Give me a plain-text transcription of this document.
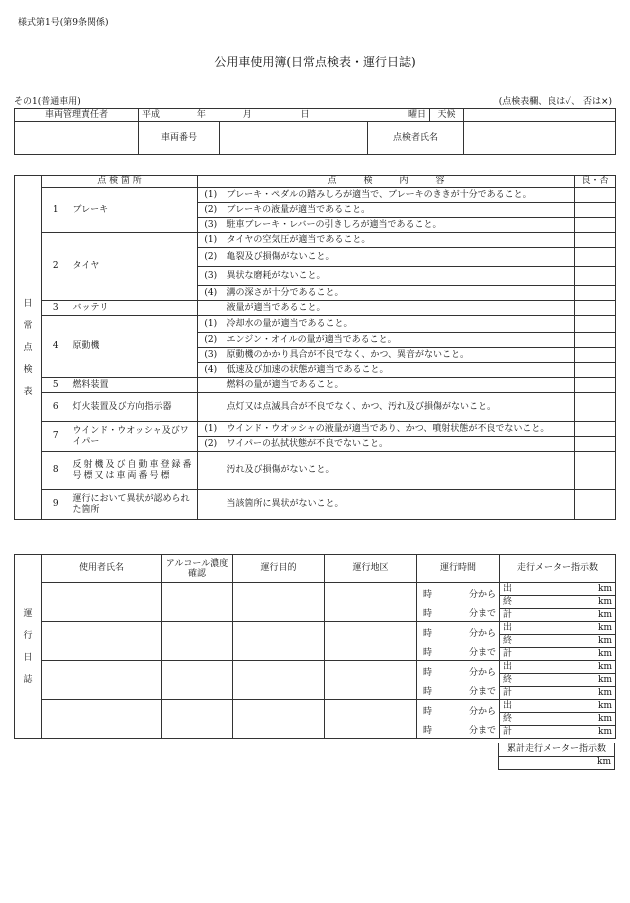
様式第1号(第9条関係)
公用車使用簿(日常点検表・運行日誌)
その1(普通車用)	(点検表欄、良は✓、 否は×)
車両管理責任者	平成 年 月 日		曜日	天候	
	車両番号		点検者氏名		
日常点検表	点 検 箇 所		点　　　検　　　内　　　容		良・否
	1	ブレーキ	(1)	ブレーキ・ペダルの踏みしろが適当で、ブレーキのききが十分であること。	
			(2)	ブレーキの液量が適当であること。	
			(3)	駐車ブレーキ・レバーの引きしろが適当であること。	
	2	タイヤ	(1)	タイヤの空気圧が適当であること。	
			(2)	亀裂及び損傷がないこと。	
			(3)	異状な磨耗がないこと。	
			(4)	溝の深さが十分であること。	
	3	バッテリ		液量が適当であること。	
	4	原動機	(1)	冷却水の量が適当であること。	
			(2)	エンジン・オイルの量が適当であること。	
			(3)	原動機のかかり具合が不良でなく、かつ、異音がないこと。	
			(4)	低速及び加速の状態が適当であること。	
	5	燃料装置		燃料の量が適当であること。	
	6	灯火装置及び方向指示器		点灯又は点滅具合が不良でなく、かつ、汚れ及び損傷がないこと。	
	7	ウインド・ウオッシャ及びワイパー	(1)	ウインド・ウオッシャの液量が適当であり、かつ、噴射状態が不良でないこと。	
			(2)	ワイパーの払拭状態が不良でないこと。	
	8	反射機及び自動車登録番号標又は車両番号標		汚れ及び損傷がないこと。	
	9	運行において異状が認められた箇所		当該箇所に異状がないこと。	
運行日誌	使用者氏名	アルコール濃度確認	運行目的	運行地区	運行時間			走行メーター指示数
					時		分から	出 km

								終 km

					時		分まで	計 km

					時		分から	出 km

								終 km

					時		分まで	計 km

					時		分から	出 km

								終 km

					時		分まで	計 km

					時		分から	出 km

								終 km

					時		分まで	計 km
累計走行メーター指示数
km
